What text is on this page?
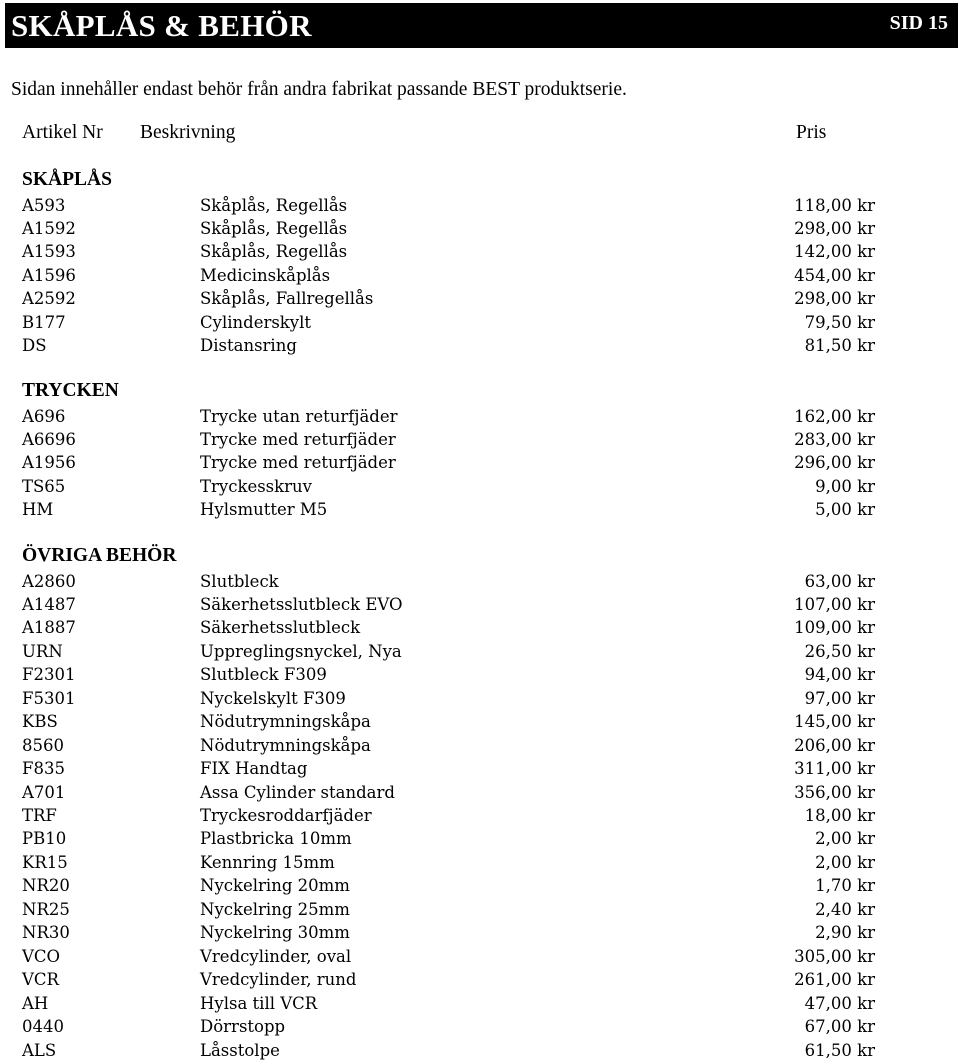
SKÅPLÅS & BEHÖR	SID 15
Sidan innehåller endast behör från andra fabrikat passande BEST produktserie.
Artikel Nr Beskrivning	Pris
SKÅPLÅS
A593	Skåplås, Regellås	118,00 kr
A1592	Skåplås, Regellås	298,00 kr
A1593	Skåplås, Regellås	142,00 kr
A1596	Medicinskåplås	454,00 kr
A2592	Skåplås, Fallregellås	298,00 kr
B177	Cylinderskylt	79,50 kr
DS	Distansring	81,50 kr
TRYCKEN
A696	Trycke utan returfjäder	162,00 kr
A6696	Trycke med returfjäder	283,00 kr
A1956	Trycke med returfjäder	296,00 kr
TS65	Tryckesskruv	9,00 kr
HM	Hylsmutter M5	5,00 kr
ÖVRIGA BEHÖR
A2860	Slutbleck	63,00 kr
A1487	Säkerhetsslutbleck EVO	107,00 kr
A1887	Säkerhetsslutbleck	109,00 kr
URN	Uppreglingsnyckel, Nya	26,50 kr
F2301	Slutbleck F309	94,00 kr
F5301	Nyckelskylt F309	97,00 kr
KBS	Nödutrymningskåpa	145,00 kr
8560	Nödutrymningskåpa	206,00 kr
F835	FIX Handtag	311,00 kr
A701	Assa Cylinder standard	356,00 kr
TRF	Tryckesroddarfjäder	18,00 kr
PB10	Plastbricka 10mm	2,00 kr
KR15	Kennring 15mm	2,00 kr
NR20	Nyckelring 20mm	1,70 kr
NR25	Nyckelring 25mm	2,40 kr
NR30	Nyckelring 30mm	2,90 kr
VCO	Vredcylinder, oval	305,00 kr
VCR	Vredcylinder, rund	261,00 kr
AH	Hylsa till VCR	47,00 kr
0440	Dörrstopp	67,00 kr
ALS	Låsstolpe	61,50 kr
